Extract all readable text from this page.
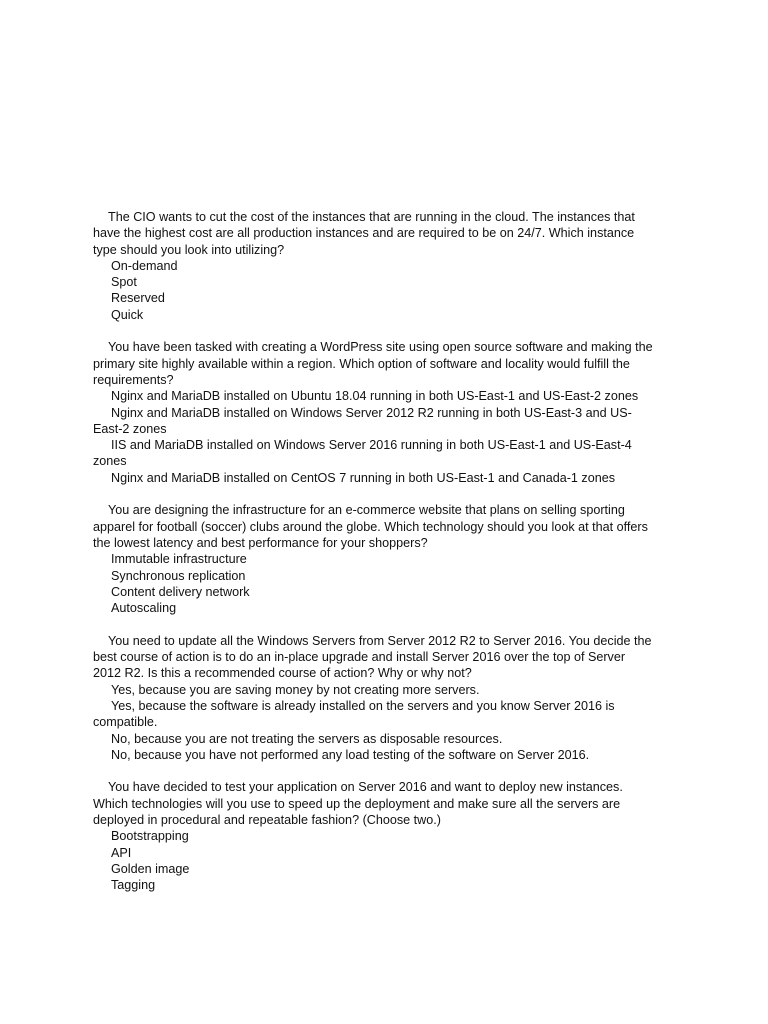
The CIO wants to cut the cost of the instances that are running in the cloud. The instances that have the highest cost are all production instances and are required to be on 24/7. Which instance type should you look into utilizing?

On-demand
Spot
Reserved
Quick

You have been tasked with creating a WordPress site using open source software and making the primary site highly available within a region. Which option of software and locality would fulfill the requirements?

Nginx and MariaDB installed on Ubuntu 18.04 running in both US-East-1 and US-East-2 zones
Nginx and MariaDB installed on Windows Server 2012 R2 running in both US-East-3 and US-East-2 zones
IIS and MariaDB installed on Windows Server 2016 running in both US-East-1 and US-East-4 zones
Nginx and MariaDB installed on CentOS 7 running in both US-East-1 and Canada-1 zones

You are designing the infrastructure for an e-commerce website that plans on selling sporting apparel for football (soccer) clubs around the globe. Which technology should you look at that offers the lowest latency and best performance for your shoppers?

Immutable infrastructure
Synchronous replication
Content delivery network
Autoscaling

You need to update all the Windows Servers from Server 2012 R2 to Server 2016. You decide the best course of action is to do an in-place upgrade and install Server 2016 over the top of Server 2012 R2. Is this a recommended course of action? Why or why not?

Yes, because you are saving money by not creating more servers.
Yes, because the software is already installed on the servers and you know Server 2016 is compatible.
No, because you are not treating the servers as disposable resources.
No, because you have not performed any load testing of the software on Server 2016.

You have decided to test your application on Server 2016 and want to deploy new instances. Which technologies will you use to speed up the deployment and make sure all the servers are deployed in procedural and repeatable fashion? (Choose two.)

Bootstrapping
API
Golden image
Tagging
